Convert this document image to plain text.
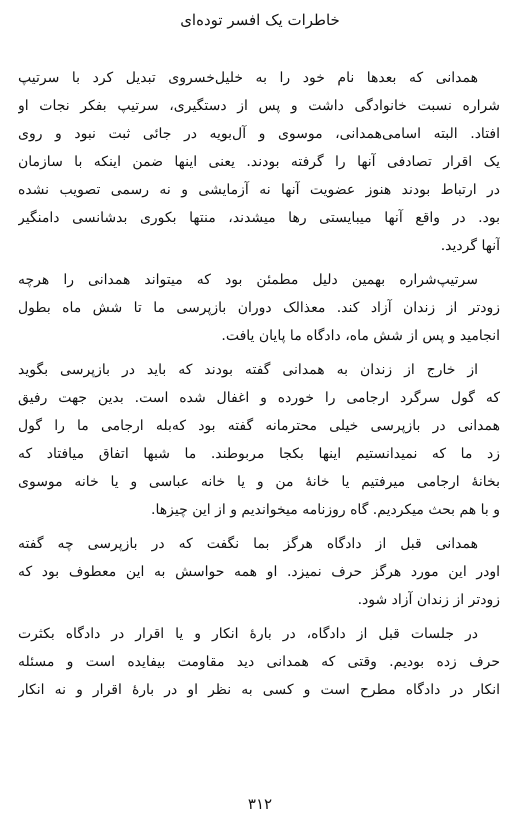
خاطرات یک افسر توده‌ای
همدانی که بعدها نام خود را به خلیل‌خسروی تبدیل کرد با سرتیپ
شراره نسبت خانوادگی داشت و پس از دستگیری، سرتیپ بفکر نجات او
افتاد. البته اسامی‌همدانی، موسوی و آل‌بویه در جائی ثبت نبود و روی
یک اقرار تصادفی آنها را گرفته بودند. یعنی اینها ضمن اینکه با سازمان
در ارتباط بودند هنوز عضویت آنها نه آزمایشی و نه رسمی تصویب نشده
بود. در واقع آنها میبایستی رها میشدند، منتها بکوری بدشانسی دامنگیر
آنها گردید.
سرتیپ‌شراره بهمین دلیل مطمئن بود که میتواند همدانی را هرچه
زودتر از زندان آزاد کند. معذالک دوران بازپرسی ما تا شش ماه بطول
انجامید و پس از شش ماه، دادگاه ما پایان یافت.
از خارج از زندان به همدانی گفته بودند که باید در بازپرسی بگوید
که گول سرگرد ارجامی را خورده و اغفال شده است. بدین جهت رفیق
همدانی در بازپرسی خیلی محترمانه گفته بود که‌بله ارجامی ما را گول
زد ما که نمیدانستیم اینها بکجا مربوطند. ما شبها اتفاق میافتاد که
بخانهٔ ارجامی میرفتیم یا خانهٔ من و یا خانه عباسی و یا خانه موسوی
و با هم بحث میکردیم. گاه روزنامه میخواندیم و از این چیزها.
همدانی قبل از دادگاه هرگز بما نگفت که در بازپرسی چه گفته
اودر این مورد هرگز حرف نمیزد. او همه حواسش به این معطوف بود که
زودتر از زندان آزاد شود.
در جلسات قبل از دادگاه، در بارهٔ انکار و یا اقرار در دادگاه بکثرت
حرف زده بودیم. وقتی که همدانی دید مقاومت بیفایده است و مسئله
انکار در دادگاه مطرح است و کسی به نظر او در بارهٔ اقرار و نه انکار
۳۱۲
